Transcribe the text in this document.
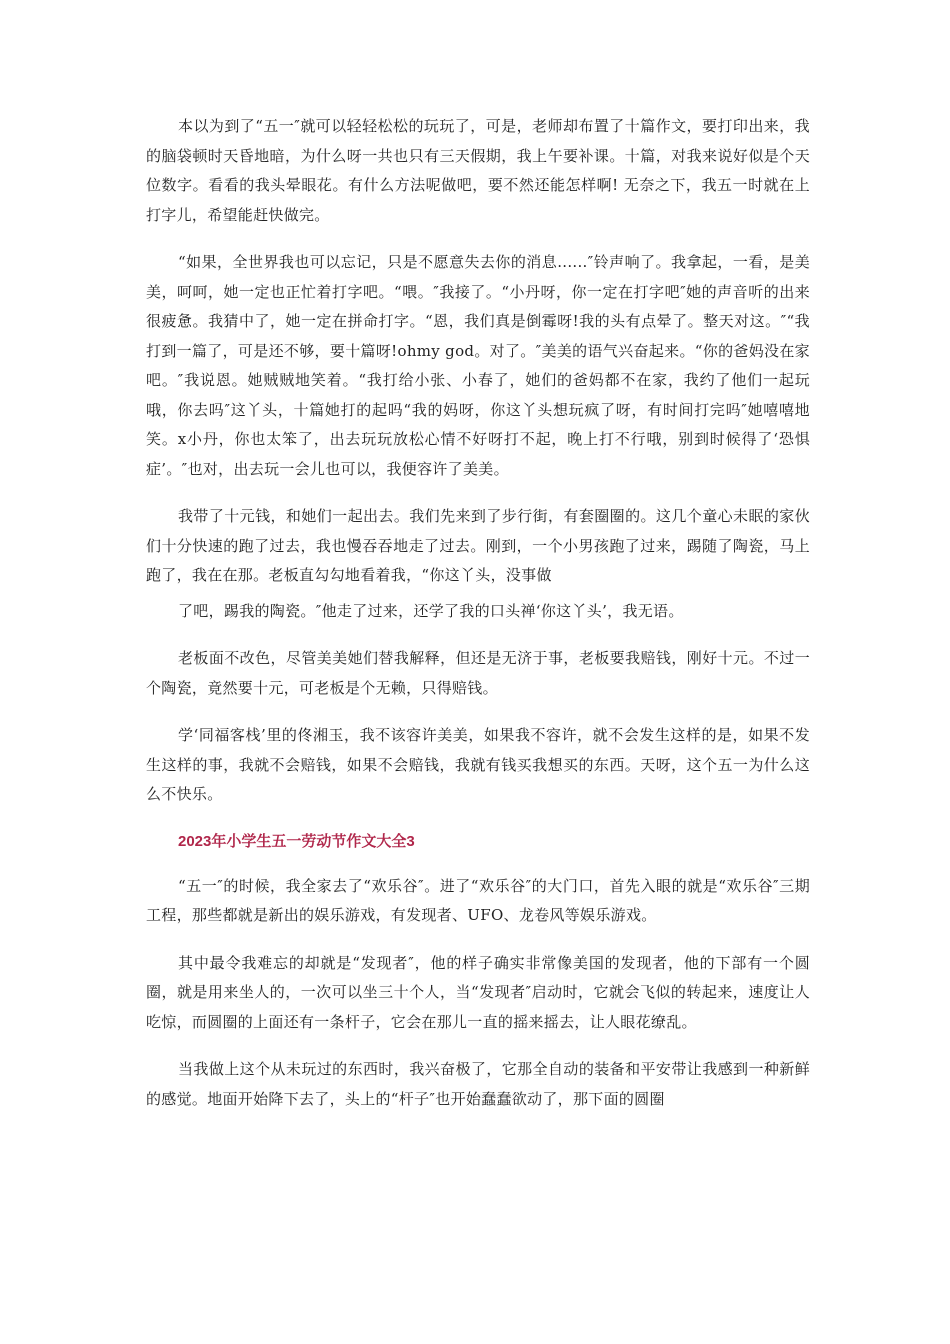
本以为到了“五一″就可以轻轻松松的玩玩了，可是，老师却布置了十篇作文，要打印出来，我的脑袋顿时天昏地暗，为什么呀一共也只有三天假期，我上午要补课。十篇，对我来说好似是个天位数字。看看的我头晕眼花。有什么方法呢做吧，要不然还能怎样啊! 无奈之下，我五一时就在上打字儿，希望能赶快做完。

“如果，全世界我也可以忘记，只是不愿意失去你的消息......″铃声响了。我拿起，一看，是美美，呵呵，她一定也正忙着打字吧。“喂。″我接了。“小丹呀，你一定在打字吧″她的声音听的出来很疲惫。我猜中了，她一定在拼命打字。“恩，我们真是倒霉呀!我的头有点晕了。整天对这。″“我打到一篇了，可是还不够，要十篇呀!ohmy god。对了。″美美的语气兴奋起来。“你的爸妈没在家吧。″我说恩。她贼贼地笑着。“我打给小张、小春了，她们的爸妈都不在家，我约了他们一起玩哦，你去吗″这丫头，十篇她打的起吗“我的妈呀，你这丫头想玩疯了呀，有时间打完吗″她嘻嘻地笑。x小丹，你也太笨了，出去玩玩放松心情不好呀打不起，晚上打不行哦，别到时候得了‘恐惧症’。″也对，出去玩一会儿也可以，我便容许了美美。

我带了十元钱，和她们一起出去。我们先来到了步行街，有套圈圈的。这几个童心未眠的家伙们十分快速的跑了过去，我也慢吞吞地走了过去。刚到，一个小男孩跑了过来，踢随了陶瓷，马上跑了，我在在那。老板直勾勾地看着我，“你这丫头，没事做

了吧，踢我的陶瓷。″他走了过来，还学了我的口头禅‘你这丫头’，我无语。

老板面不改色，尽管美美她们替我解释，但还是无济于事，老板要我赔钱，刚好十元。不过一个陶瓷，竟然要十元，可老板是个无赖，只得赔钱。

学‘同福客栈’里的佟湘玉，我不该容许美美，如果我不容许，就不会发生这样的是，如果不发生这样的事，我就不会赔钱，如果不会赔钱，我就有钱买我想买的东西。天呀，这个五一为什么这么不快乐。

2023年小学生五一劳动节作文大全3

“五一″的时候，我全家去了“欢乐谷″。进了“欢乐谷″的大门口，首先入眼的就是“欢乐谷″三期工程，那些都就是新出的娱乐游戏，有发现者、UFO、龙卷风等娱乐游戏。

其中最令我难忘的却就是“发现者″，他的样子确实非常像美国的发现者，他的下部有一个圆圈，就是用来坐人的，一次可以坐三十个人，当“发现者″启动时，它就会飞似的转起来，速度让人吃惊，而圆圈的上面还有一条杆子，它会在那儿一直的摇来摇去，让人眼花缭乱。

当我做上这个从未玩过的东西时，我兴奋极了，它那全自动的装备和平安带让我感到一种新鲜的感觉。地面开始降下去了，头上的“杆子″也开始蠢蠢欲动了，那下面的圆圈
